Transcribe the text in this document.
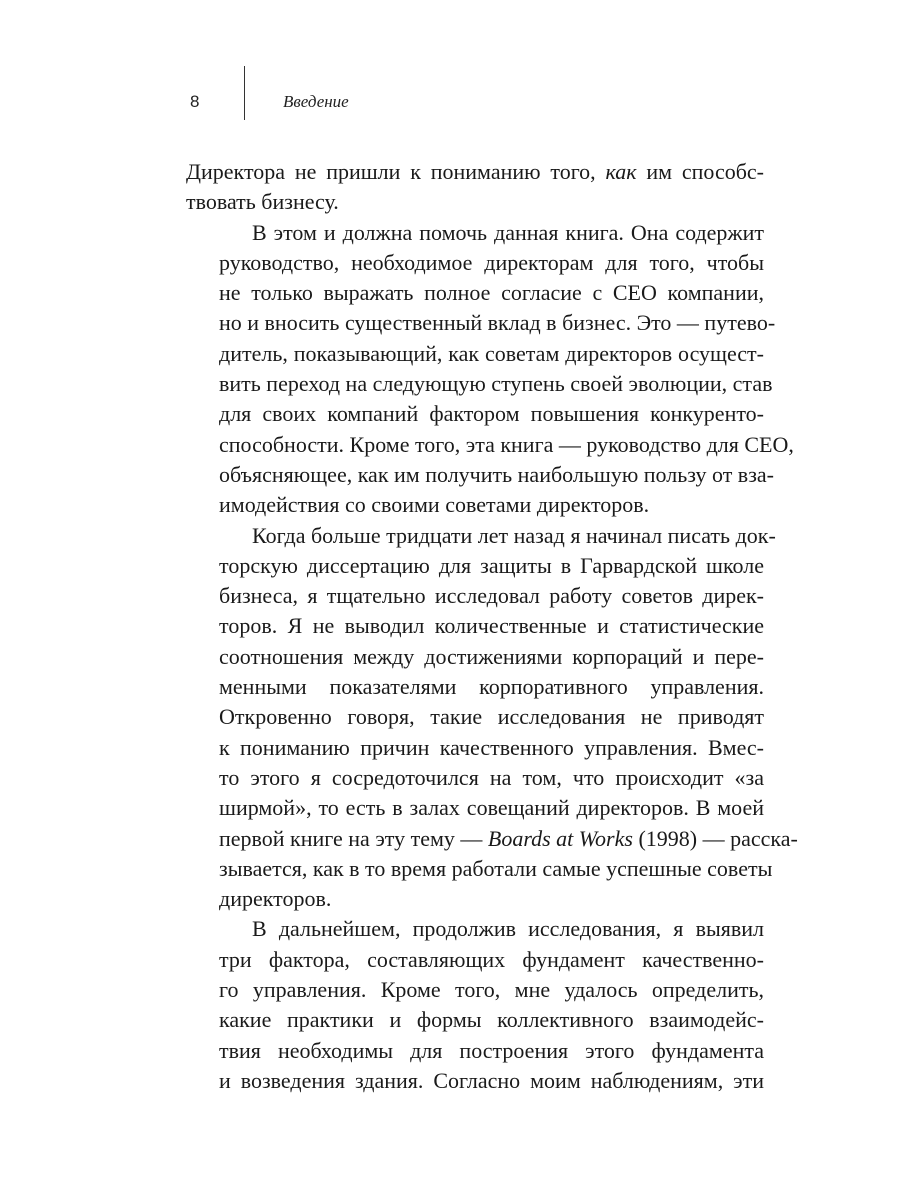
8	Введение
Директора не пришли к пониманию того, как им способс-
твовать бизнесу.
В этом и должна помочь данная книга. Она содержит
руководство, необходимое директорам для того, чтобы
не только выражать полное согласие с CEO компании,
но и вносить существенный вклад в бизнес. Это — путево-
дитель, показывающий, как советам директоров осущест-
вить переход на следующую ступень своей эволюции, став
для своих компаний фактором повышения конкуренто-
способности. Кроме того, эта книга — руководство для CEO,
объясняющее, как им получить наибольшую пользу от вза-
имодействия со своими советами директоров.
Когда больше тридцати лет назад я начинал писать док-
торскую диссертацию для защиты в Гарвардской школе
бизнеса, я тщательно исследовал работу советов дирек-
торов. Я не выводил количественные и статистические
соотношения между достижениями корпораций и пере-
менными показателями корпоративного управления.
Откровенно говоря, такие исследования не приводят
к пониманию причин качественного управления. Вмес-
то этого я сосредоточился на том, что происходит «за
ширмой», то есть в залах совещаний директоров. В моей
первой книге на эту тему — Boards at Works (1998) — расска-
зывается, как в то время работали самые успешные советы
директоров.
В дальнейшем, продолжив исследования, я выявил
три фактора, составляющих фундамент качественно-
го управления. Кроме того, мне удалось определить,
какие практики и формы коллективного взаимодейс-
твия необходимы для построения этого фундамента
и возведения здания. Согласно моим наблюдениям, эти
